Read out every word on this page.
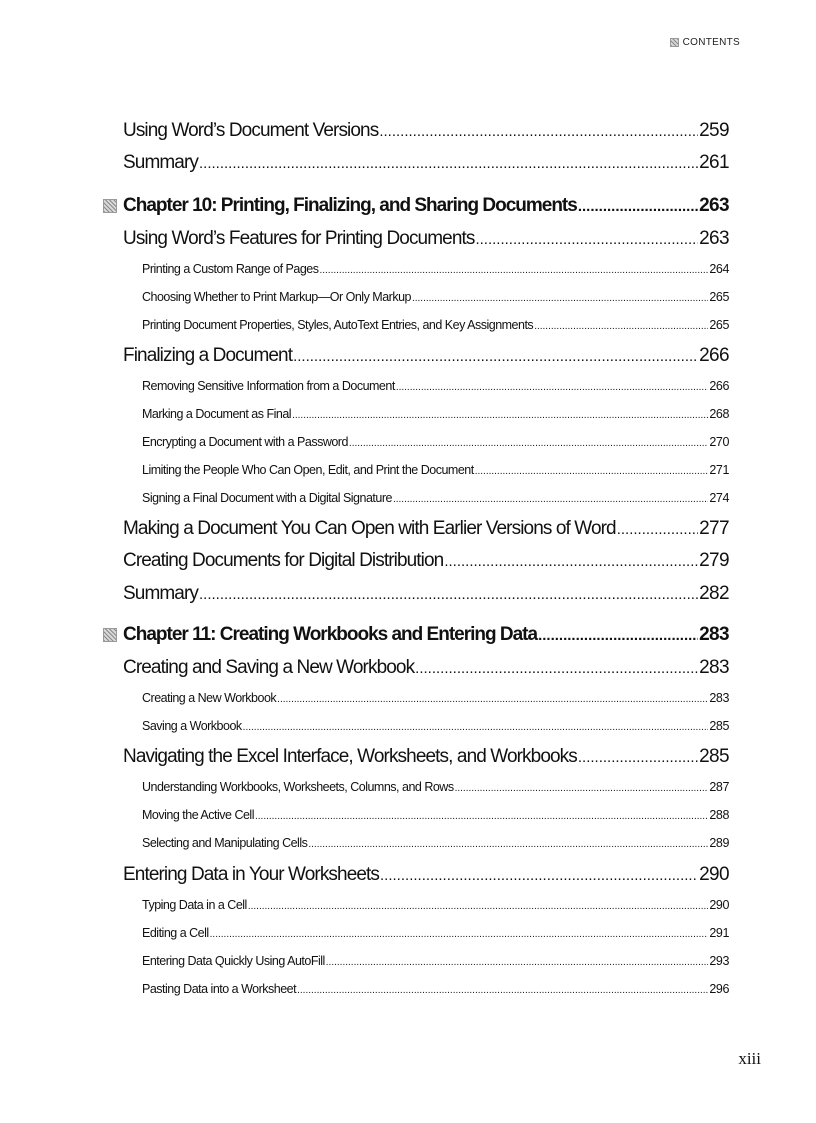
CONTENTS
Using Word’s Document Versions .....	259
Summary .....	261
Chapter 10: Printing, Finalizing, and Sharing Documents .....	263
Using Word’s Features for Printing Documents .....	263
Printing a Custom Range of Pages .....	264
Choosing Whether to Print Markup—Or Only Markup .....	265
Printing Document Properties, Styles, AutoText Entries, and Key Assignments .....	265
Finalizing a Document .....	266
Removing Sensitive Information from a Document .....	266
Marking a Document as Final .....	268
Encrypting a Document with a Password .....	270
Limiting the People Who Can Open, Edit, and Print the Document .....	271
Signing a Final Document with a Digital Signature .....	274
Making a Document You Can Open with Earlier Versions of Word .....	277
Creating Documents for Digital Distribution .....	279
Summary .....	282
Chapter 11: Creating Workbooks and Entering Data .....	283
Creating and Saving a New Workbook .....	283
Creating a New Workbook .....	283
Saving a Workbook .....	285
Navigating the Excel Interface, Worksheets, and Workbooks .....	285
Understanding Workbooks, Worksheets, Columns, and Rows .....	287
Moving the Active Cell .....	288
Selecting and Manipulating Cells .....	289
Entering Data in Your Worksheets .....	290
Typing Data in a Cell .....	290
Editing a Cell .....	291
Entering Data Quickly Using AutoFill .....	293
Pasting Data into a Worksheet .....	296
xiii
